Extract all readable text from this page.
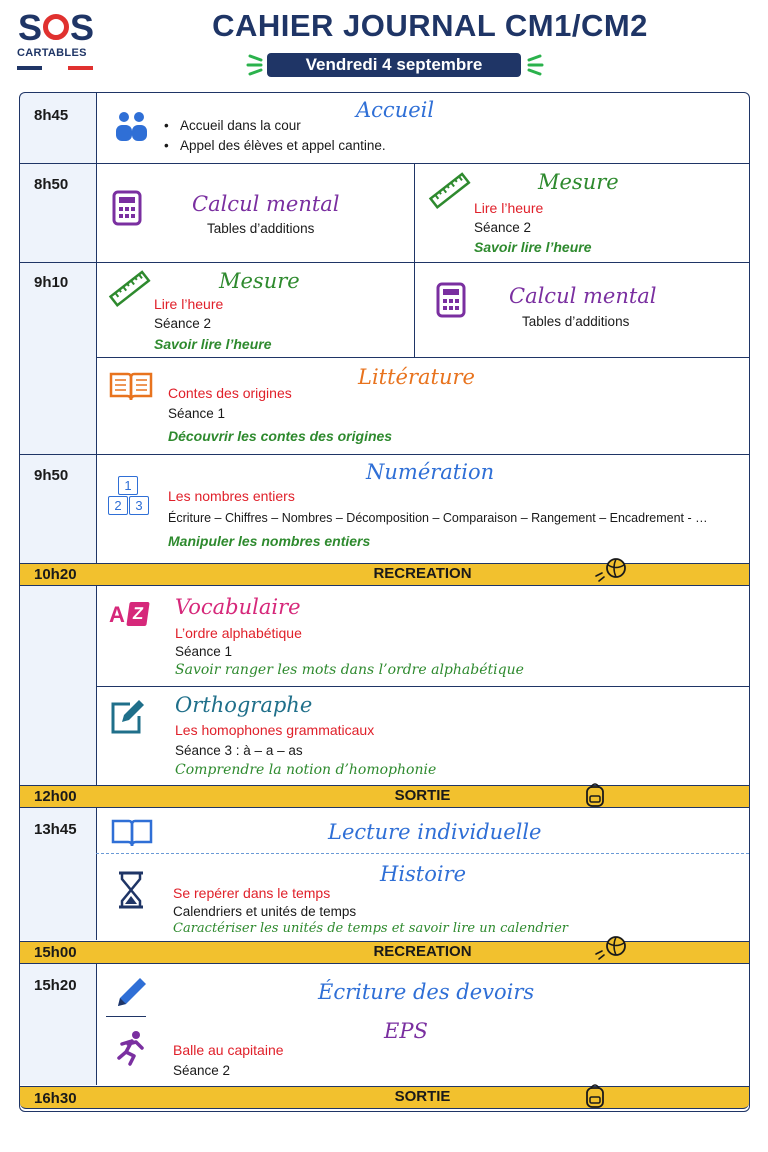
S S
CARTABLES
CAHIER JOURNAL CM1/CM2
Vendredi 4 septembre
RECREATION
SORTIE
RECREATION
SORTIE
8h45
8h50
9h10
9h50
10h20
12h00
13h45
15h00
15h20
16h30
Accueil
•   Accueil dans la cour
•   Appel des élèves et appel cantine.
Calcul mental
Tables d’additions
Mesure
Lire l’heure
Séance 2
Savoir lire l’heure
Mesure
Lire l’heure
Séance 2
Savoir lire l’heure
Calcul mental
Tables d’additions
Littérature
Contes des origines
Séance 1
Découvrir les contes des origines
1
2	3
Numération
Les nombres entiers
Écriture – Chiffres – Nombres – Décomposition – Comparaison – Rangement – Encadrement - …
Manipuler les nombres entiers
A Z Vocabulaire
L’ordre alphabétique
Séance 1
Savoir ranger les mots dans l’ordre alphabétique
Orthographe
Les homophones grammaticaux
Séance 3 : à – a – as
Comprendre la notion d’homophonie
Lecture individuelle
Histoire
Se repérer dans le temps
Calendriers et unités de temps
Caractériser les unités de temps et savoir lire un calendrier
Écriture des devoirs
EPS
Balle au capitaine
Séance 2
